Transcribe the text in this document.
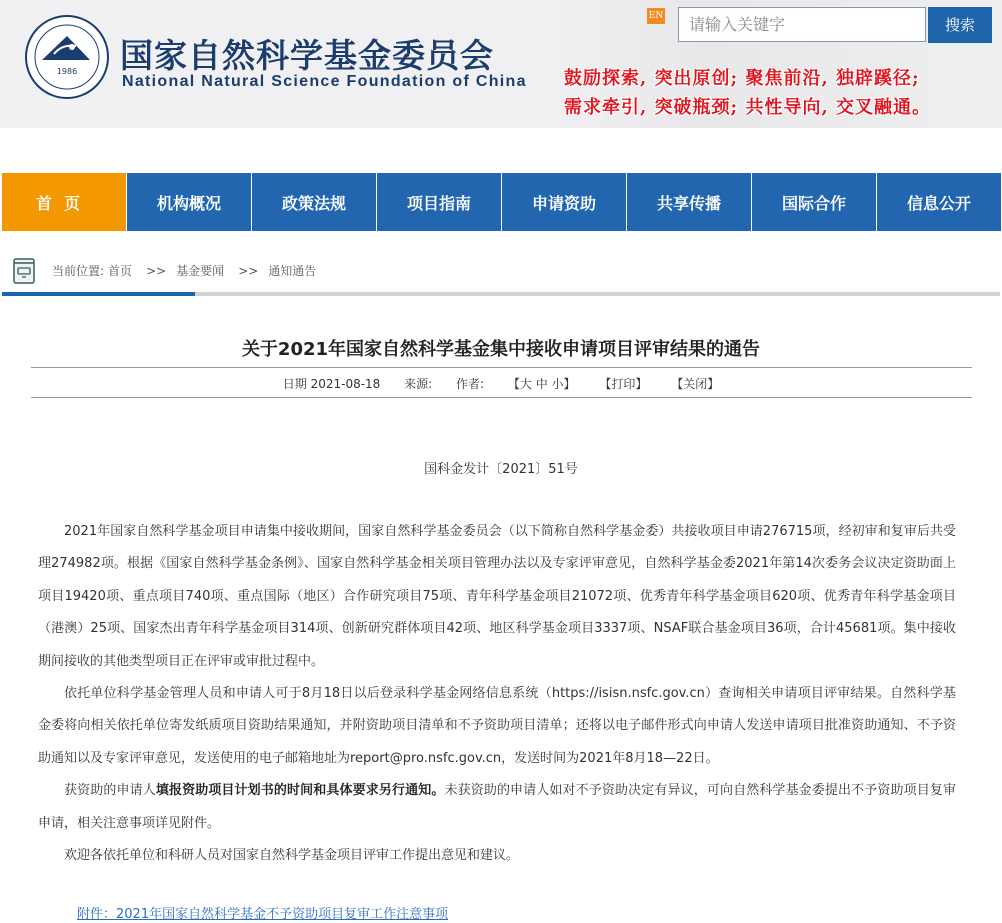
1986 国家自然科学基金委员会
National Natural Science Foundation of China
EN	请输入关键字	搜索
鼓励探索, 突出原创; 聚焦前沿, 独辟蹊径;
需求牵引, 突破瓶颈; 共性导向, 交叉融通。
首页	机构概况	政策法规	项目指南	申请资助	共享传播	国际合作	信息公开
当前位置: 首页 >> 基金要闻 >> 通知通告
关于2021年国家自然科学基金集中接收申请项目评审结果的通告
日期 2021-08-18 来源: 作者: 【大 中 小】 【打印】 【关闭】
国科金发计〔2021〕51号

2021年国家自然科学基金项目申请集中接收期间，国家自然科学基金委员会（以下简称自然科学基金委）共接收项目申请276715项，经初审和复审后共受理274982项。根据《国家自然科学基金条例》、国家自然科学基金相关项目管理办法以及专家评审意见，自然科学基金委2021年第14次委务会议决定资助面上项目19420项、重点项目740项、重点国际（地区）合作研究项目75项、青年科学基金项目21072项、优秀青年科学基金项目620项、优秀青年科学基金项目（港澳）25项、国家杰出青年科学基金项目314项、创新研究群体项目42项、地区科学基金项目3337项、NSAF联合基金项目36项，合计45681项。集中接收期间接收的其他类型项目正在评审或审批过程中。

依托单位科学基金管理人员和申请人可于8月18日以后登录科学基金网络信息系统（https://isisn.nsfc.gov.cn）查询相关申请项目评审结果。自然科学基金委将向相关依托单位寄发纸质项目资助结果通知，并附资助项目清单和不予资助项目清单；还将以电子邮件形式向申请人发送申请项目批准资助通知、不予资助通知以及专家评审意见，发送使用的电子邮箱地址为report@pro.nsfc.gov.cn，发送时间为2021年8月18—22日。

获资助的申请人填报资助项目计划书的时间和具体要求另行通知。未获资助的申请人如对不予资助决定有异议，可向自然科学基金委提出不予资助项目复审申请，相关注意事项详见附件。

欢迎各依托单位和科研人员对国家自然科学基金项目评审工作提出意见和建议。

附件：2021年国家自然科学基金不予资助项目复审工作注意事项
